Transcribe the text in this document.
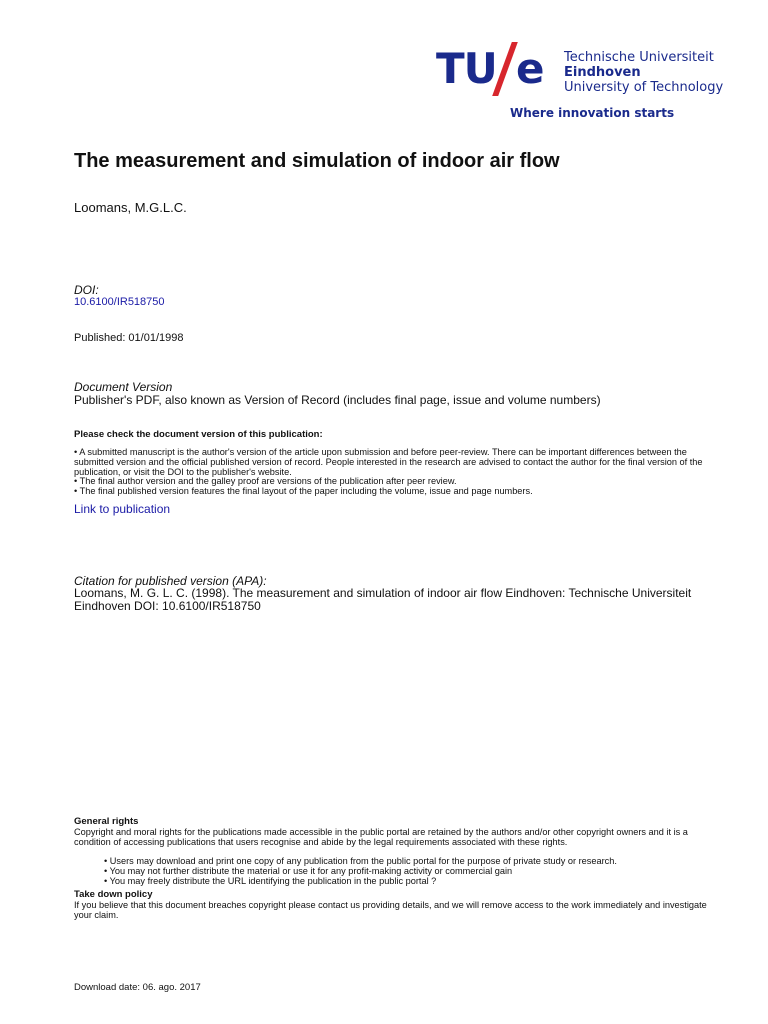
TU e Technische Universiteit
Eindhoven
University of Technology
Where innovation starts
The measurement and simulation of indoor air flow
Loomans, M.G.L.C.
DOI:
10.6100/IR518750
Published: 01/01/1998
Document Version
Publisher's PDF, also known as Version of Record (includes final page, issue and volume numbers)
Please check the document version of this publication:
• A submitted manuscript is the author's version of the article upon submission and before peer-review. There can be important differences between the submitted version and the official published version of record. People interested in the research are advised to contact the author for the final version of the publication, or visit the DOI to the publisher's website.
• The final author version and the galley proof are versions of the publication after peer review.
• The final published version features the final layout of the paper including the volume, issue and page numbers.
Link to publication
Citation for published version (APA):
Loomans, M. G. L. C. (1998). The measurement and simulation of indoor air flow Eindhoven: Technische Universiteit Eindhoven DOI: 10.6100/IR518750
General rights
Copyright and moral rights for the publications made accessible in the public portal are retained by the authors and/or other copyright owners and it is a condition of accessing publications that users recognise and abide by the legal requirements associated with these rights.
• Users may download and print one copy of any publication from the public portal for the purpose of private study or research.
• You may not further distribute the material or use it for any profit-making activity or commercial gain
• You may freely distribute the URL identifying the publication in the public portal ?
Take down policy
If you believe that this document breaches copyright please contact us providing details, and we will remove access to the work immediately and investigate your claim.
Download date: 06. ago. 2017
